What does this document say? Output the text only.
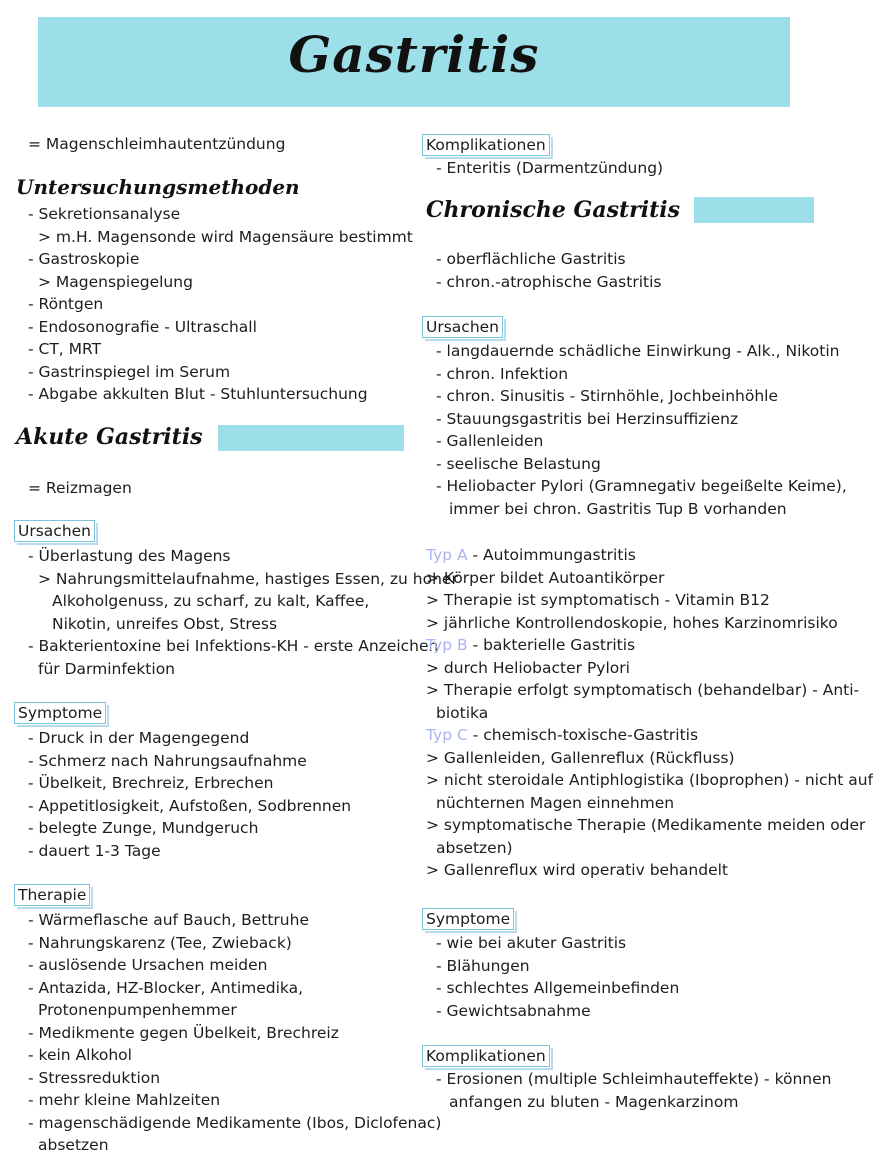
Gastritis
= Magenschleimhautentzündung
Untersuchungsmethoden
- Sekretionsanalyse
> m.H. Magensonde wird Magensäure bestimmt
- Gastroskopie
> Magenspiegelung
- Röntgen
- Endosonografie - Ultraschall
- CT, MRT
- Gastrinspiegel im Serum
- Abgabe akkulten Blut - Stuhluntersuchung
Akute Gastritis
= Reizmagen
Ursachen
- Überlastung des Magens
> Nahrungsmittelaufnahme, hastiges Essen, zu hoher
Alkoholgenuss, zu scharf, zu kalt, Kaffee,
Nikotin, unreifes Obst, Stress
- Bakterientoxine bei Infektions-KH - erste Anzeichen
für Darminfektion
Symptome
- Druck in der Magengegend
- Schmerz nach Nahrungsaufnahme
- Übelkeit, Brechreiz, Erbrechen
- Appetitlosigkeit, Aufstoßen, Sodbrennen
- belegte Zunge, Mundgeruch
- dauert 1-3 Tage
Therapie
- Wärmeflasche auf Bauch, Bettruhe
- Nahrungskarenz (Tee, Zwieback)
- auslösende Ursachen meiden
- Antazida, HZ-Blocker, Antimedika,
Protonenpumpenhemmer
- Medikmente gegen Übelkeit, Brechreiz
- kein Alkohol
- Stressreduktion
- mehr kleine Mahlzeiten
- magenschädigende Medikamente (Ibos, Diclofenac)
absetzen
Komplikationen
- Enteritis (Darmentzündung)
Chronische Gastritis
- oberflächliche Gastritis
- chron.-atrophische Gastritis
Ursachen
- langdauernde schädliche Einwirkung - Alk., Nikotin
- chron. Infektion
- chron. Sinusitis - Stirnhöhle, Jochbeinhöhle
- Stauungsgastritis bei Herzinsuffizienz
- Gallenleiden
- seelische Belastung
- Heliobacter Pylori (Gramnegativ begeißelte Keime),
immer bei chron. Gastritis Tup B vorhanden
Typ A - Autoimmungastritis
> Körper bildet Autoantikörper
> Therapie ist symptomatisch - Vitamin B12
> jährliche Kontrollendoskopie, hohes Karzinomrisiko
Typ B - bakterielle Gastritis
> durch Heliobacter Pylori
> Therapie erfolgt symptomatisch (behandelbar) - Anti-
biotika
Typ C - chemisch-toxische-Gastritis
> Gallenleiden, Gallenreflux (Rückfluss)
> nicht steroidale Antiphlogistika (Iboprophen) - nicht auf
nüchternen Magen einnehmen
> symptomatische Therapie (Medikamente meiden oder
absetzen)
> Gallenreflux wird operativ behandelt
Symptome
- wie bei akuter Gastritis
- Blähungen
- schlechtes Allgemeinbefinden
- Gewichtsabnahme
Komplikationen
- Erosionen (multiple Schleimhauteffekte) - können
anfangen zu bluten - Magenkarzinom
